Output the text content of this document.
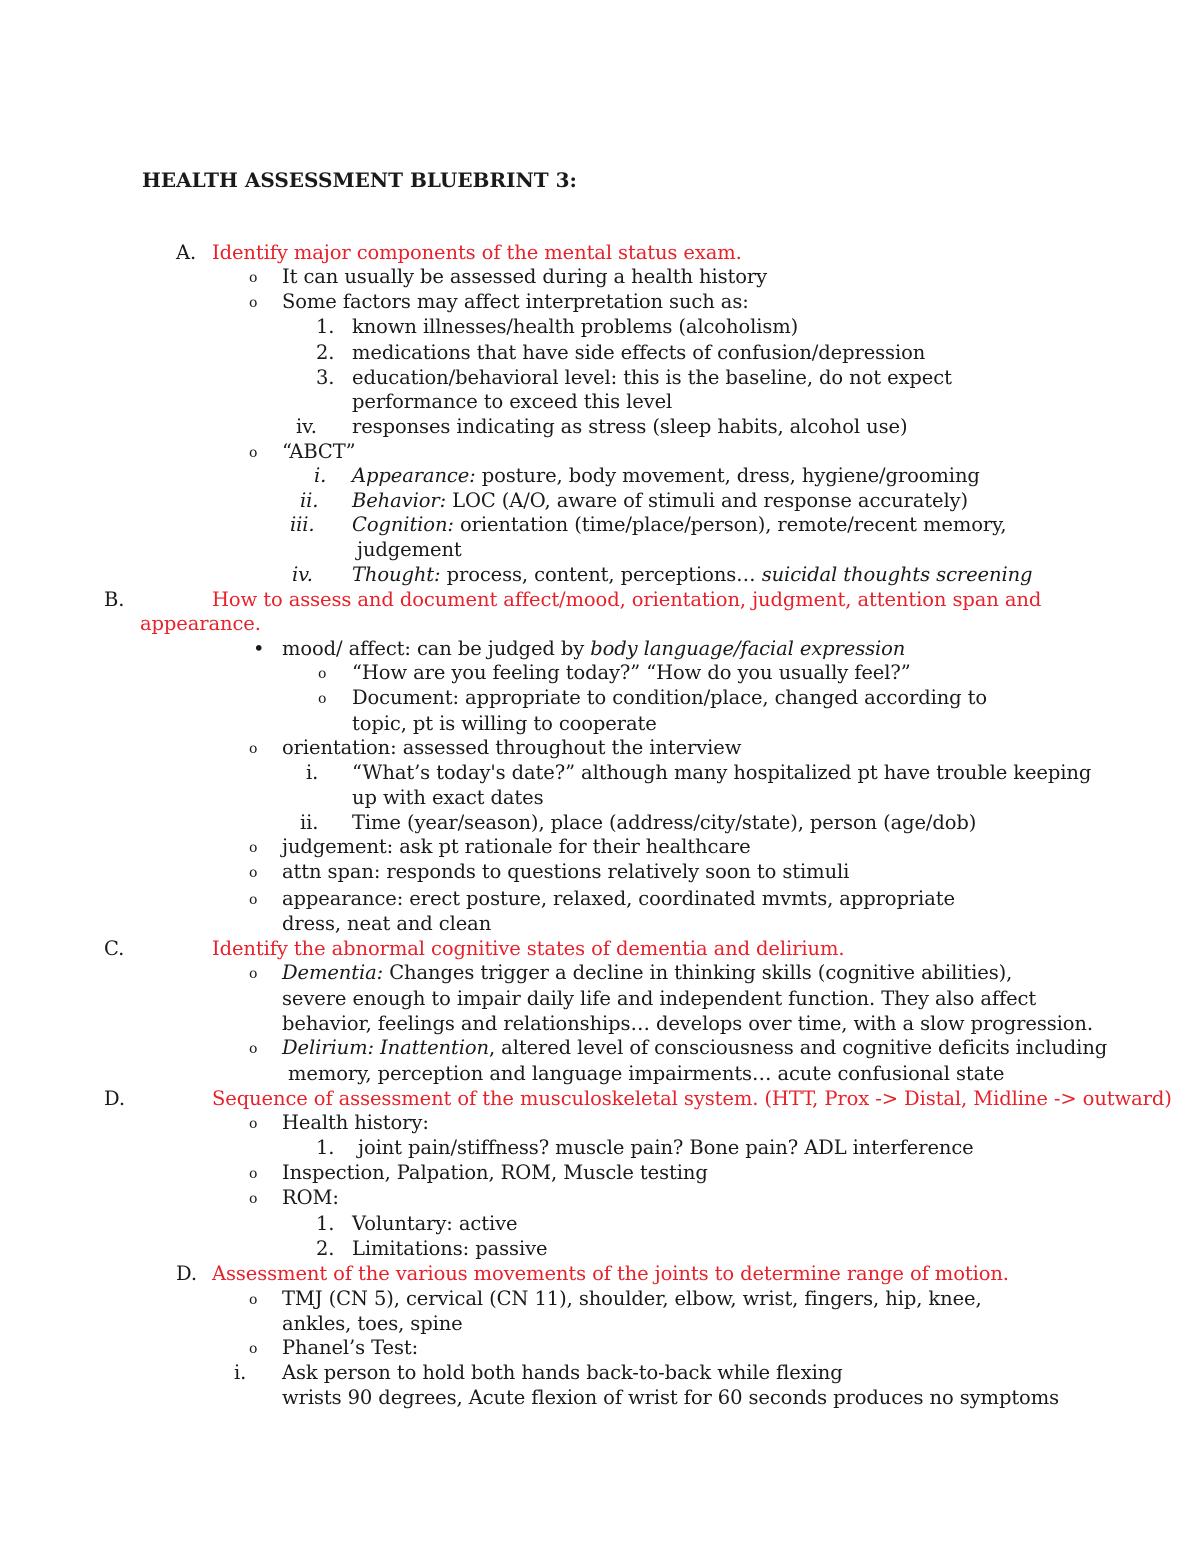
HEALTH ASSESSMENT BLUEBRINT 3:
A. Identify major components of the mental status exam.
o It can usually be assessed during a health history
o Some factors may affect interpretation such as:
1. known illnesses/health problems (alcoholism)
2. medications that have side effects of confusion/depression
3. education/behavioral level: this is the baseline, do not expect
performance to exceed this level
iv. responses indicating as stress (sleep habits, alcohol use)
o “ABCT”
i. Appearance: posture, body movement, dress, hygiene/grooming
ii. Behavior: LOC (A/O, aware of stimuli and response accurately)
iii. Cognition: orientation (time/place/person), remote/recent memory,
judgement
iv. Thought: process, content, perceptions… suicidal thoughts screening
B.	How to assess and document affect/mood, orientation, judgment, attention span and
appearance.
• mood/ affect: can be judged by body language/facial expression
o “How are you feeling today?” “How do you usually feel?”
o Document: appropriate to condition/place, changed according to
topic, pt is willing to cooperate
o orientation: assessed throughout the interview
i. “What’s today's date?” although many hospitalized pt have trouble keeping
up with exact dates
ii. Time (year/season), place (address/city/state), person (age/dob)
o judgement: ask pt rationale for their healthcare
o attn span: responds to questions relatively soon to stimuli
o appearance: erect posture, relaxed, coordinated mvmts, appropriate
dress, neat and clean
C.	Identify the abnormal cognitive states of dementia and delirium.
o Dementia: Changes trigger a decline in thinking skills (cognitive abilities),
severe enough to impair daily life and independent function. They also affect
behavior, feelings and relationships… develops over time, with a slow progression.
o Delirium: Inattention, altered level of consciousness and cognitive deficits including
memory, perception and language impairments… acute confusional state
D.	Sequence of assessment of the musculoskeletal system. (HTT, Prox -> Distal, Midline -> outward)
o Health history:
1. joint pain/stiffness? muscle pain? Bone pain? ADL interference
o Inspection, Palpation, ROM, Muscle testing
o ROM:
1. Voluntary: active
2. Limitations: passive
D. Assessment of the various movements of the joints to determine range of motion.
o TMJ (CN 5), cervical (CN 11), shoulder, elbow, wrist, fingers, hip, knee,
ankles, toes, spine
o Phanel’s Test:
i. Ask person to hold both hands back-to-back while flexing
wrists 90 degrees, Acute flexion of wrist for 60 seconds produces no symptoms
